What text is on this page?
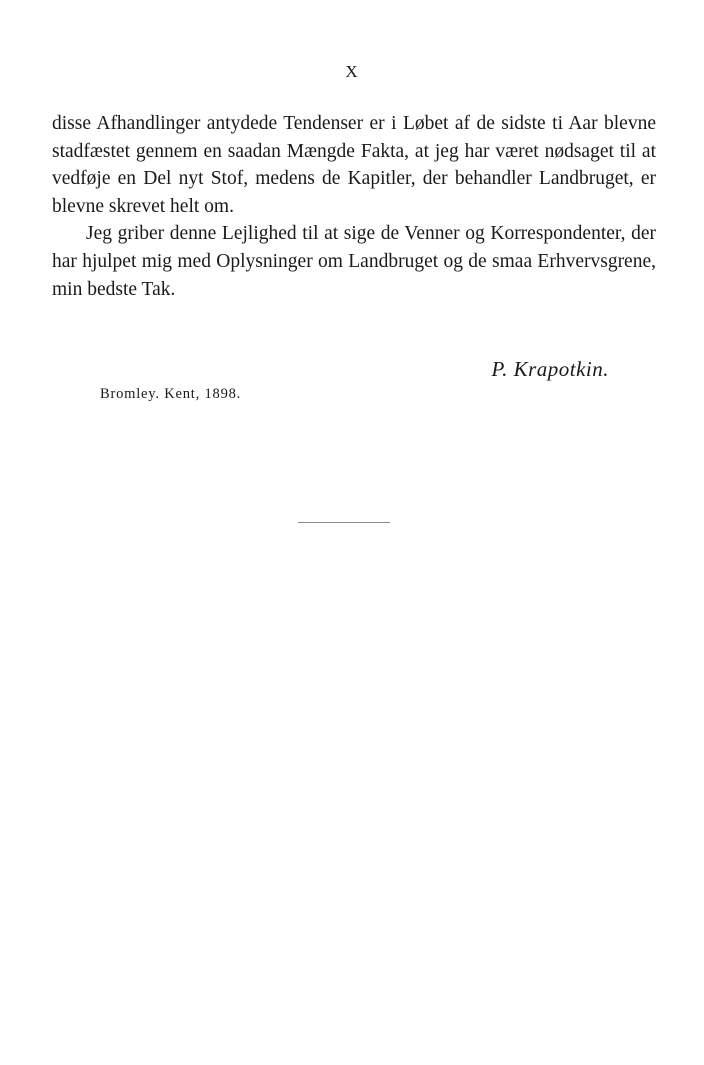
X

disse Afhandlinger antydede Tendenser er i Løbet af de sidste ti Aar blevne stadfæstet gennem en saadan Mængde Fakta, at jeg har været nødsaget til at vedføje en Del nyt Stof, medens de Kapitler, der behandler Landbruget, er blevne skrevet helt om.

Jeg griber denne Lejlighed til at sige de Venner og Korrespondenter, der har hjulpet mig med Oplysninger om Landbruget og de smaa Erhvervsgrene, min bedste Tak.

P. Krapotkin.
Bromley. Kent, 1898.
